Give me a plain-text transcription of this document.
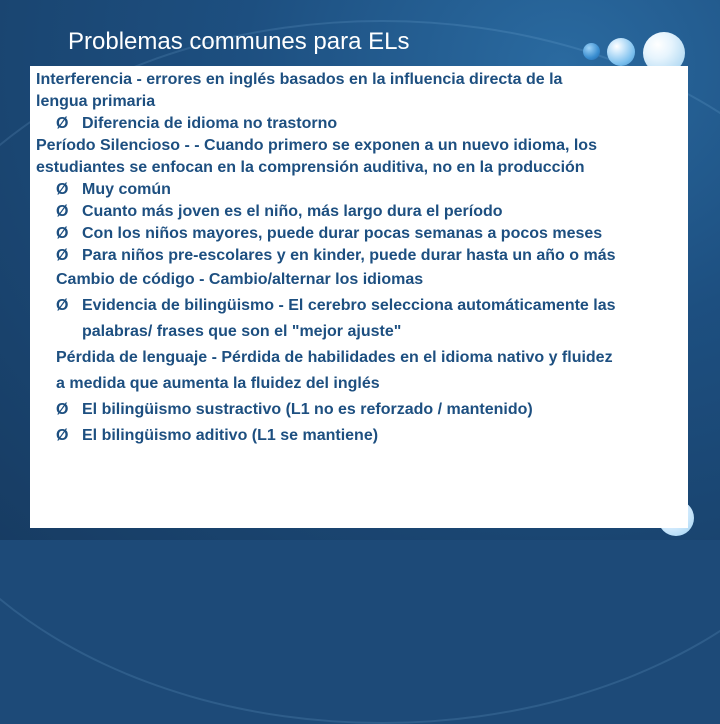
Problemas communes para ELs

Interferencia - errores en inglés basados en la influencia directa de la

lengua primaria

Ø Diferencia de idioma no trastorno

Período Silencioso - - Cuando primero se exponen a un nuevo idioma, los

estudiantes se enfocan en la comprensión auditiva, no en la producción

Ø Muy común

Ø Cuanto más joven es el niño, más largo dura el período

Ø Con los niños mayores, puede durar pocas semanas a pocos meses

Ø Para niños pre-escolares y en kinder, puede durar hasta un año o más

Cambio de código - Cambio/alternar los idiomas

Ø Evidencia de bilingüismo - El cerebro selecciona automáticamente las

palabras/ frases que son el "mejor ajuste"

Pérdida de lenguaje - Pérdida de habilidades en el idioma nativo y fluidez

a medida que aumenta la fluidez del inglés

Ø El bilingüismo sustractivo (L1 no es reforzado / mantenido)

Ø El bilingüismo aditivo (L1 se mantiene)
